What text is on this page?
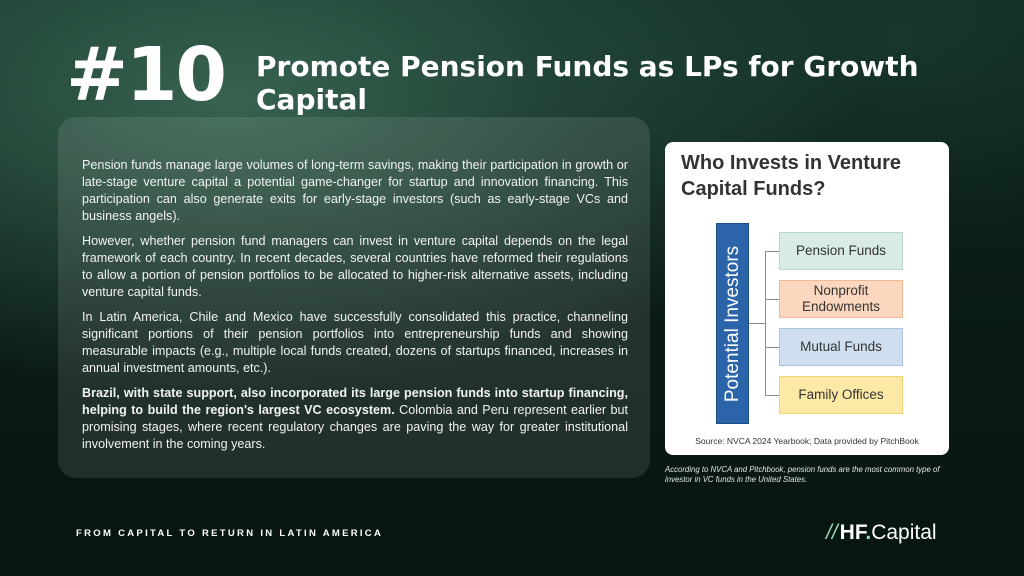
#10 Promote Pension Funds as LPs for Growth Capital

Pension funds manage large volumes of long-term savings, making their participation in growth or late-stage venture capital a potential game-changer for startup and innovation financing. This participation can also generate exits for early-stage investors (such as early-stage VCs and business angels).

However, whether pension fund managers can invest in venture capital depends on the legal framework of each country. In recent decades, several countries have reformed their regulations to allow a portion of pension portfolios to be allocated to higher-risk alternative assets, including venture capital funds.

In Latin America, Chile and Mexico have successfully consolidated this practice, channeling significant portions of their pension portfolios into entrepreneurship funds and showing measurable impacts (e.g., multiple local funds created, dozens of startups financed, increases in annual investment amounts, etc.).

Brazil, with state support, also incorporated its large pension funds into startup financing, helping to build the region's largest VC ecosystem. Colombia and Peru represent earlier but promising stages, where recent regulatory changes are paving the way for greater institutional involvement in the coming years.

Who Invests in Venture Capital Funds?
Potential Investors	Pension Funds
Nonprofit Endowments
Mutual Funds
Family Offices
Source: NVCA 2024 Yearbook; Data provided by PitchBook
According to NVCA and Pitchbook, pension funds are the most common type of investor in VC funds in the United States.
FROM CAPITAL TO RETURN IN LATIN AMERICA	//HF.Capital
